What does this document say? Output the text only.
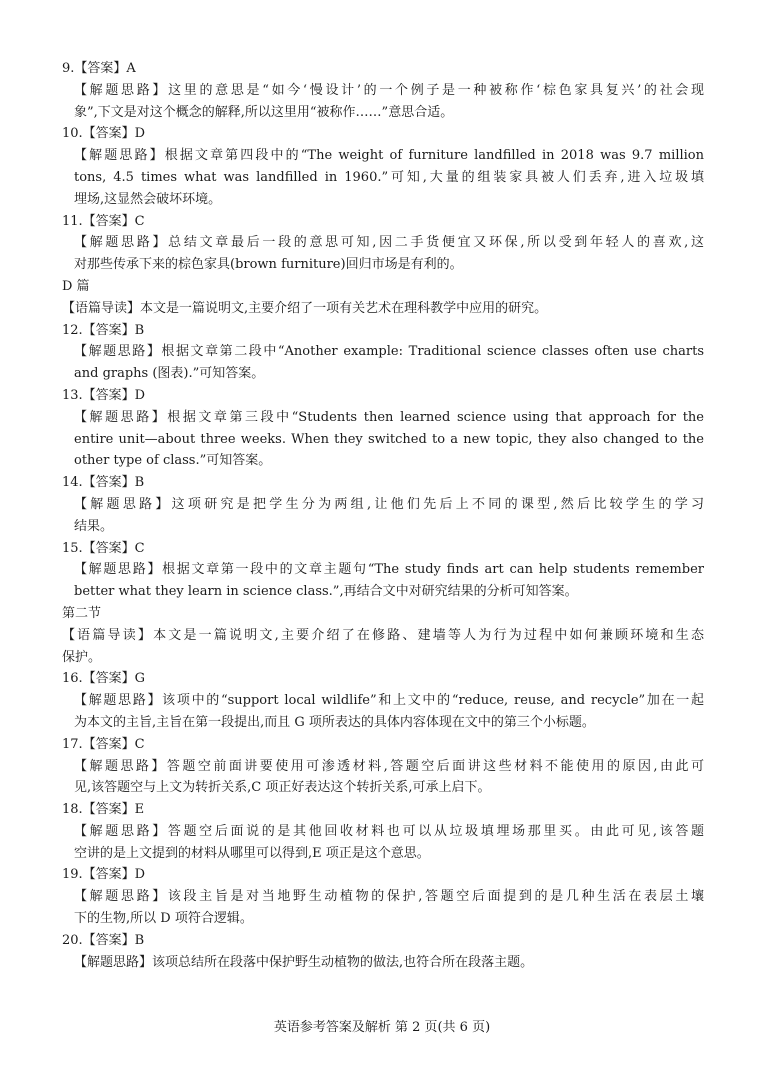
9.【答案】A
【解题思路】这里的意思是“如今‘慢设计’的一个例子是一种被称作‘棕色家具复兴’的社会现
象”,下文是对这个概念的解释,所以这里用“被称作……”意思合适。
10.【答案】D
【解题思路】根据文章第四段中的“The weight of furniture landfilled in 2018 was 9.7 million
tons, 4.5 times what was landfilled in 1960.”可知,大量的组装家具被人们丢弃,进入垃圾填
埋场,这显然会破坏环境。
11.【答案】C
【解题思路】总结文章最后一段的意思可知,因二手货便宜又环保,所以受到年轻人的喜欢,这
对那些传承下来的棕色家具(brown furniture)回归市场是有利的。
D 篇
【语篇导读】本文是一篇说明文,主要介绍了一项有关艺术在理科教学中应用的研究。
12.【答案】B
【解题思路】根据文章第二段中“Another example: Traditional science classes often use charts
and graphs (图表).”可知答案。
13.【答案】D
【解题思路】根据文章第三段中“Students then learned science using that approach for the
entire unit—about three weeks. When they switched to a new topic, they also changed to the
other type of class.”可知答案。
14.【答案】B
【解题思路】这项研究是把学生分为两组,让他们先后上不同的课型,然后比较学生的学习
结果。
15.【答案】C
【解题思路】根据文章第一段中的文章主题句“The study finds art can help students remember
better what they learn in science class.”,再结合文中对研究结果的分析可知答案。
第二节
【语篇导读】本文是一篇说明文,主要介绍了在修路、建墙等人为行为过程中如何兼顾环境和生态
保护。
16.【答案】G
【解题思路】该项中的“support local wildlife”和上文中的“reduce, reuse, and recycle”加在一起
为本文的主旨,主旨在第一段提出,而且 G 项所表达的具体内容体现在文中的第三个小标题。
17.【答案】C
【解题思路】答题空前面讲要使用可渗透材料,答题空后面讲这些材料不能使用的原因,由此可
见,该答题空与上文为转折关系,C 项正好表达这个转折关系,可承上启下。
18.【答案】E
【解题思路】答题空后面说的是其他回收材料也可以从垃圾填埋场那里买。由此可见,该答题
空讲的是上文提到的材料从哪里可以得到,E 项正是这个意思。
19.【答案】D
【解题思路】该段主旨是对当地野生动植物的保护,答题空后面提到的是几种生活在表层土壤
下的生物,所以 D 项符合逻辑。
20.【答案】B
【解题思路】该项总结所在段落中保护野生动植物的做法,也符合所在段落主题。
英语参考答案及解析 第 2 页(共 6 页)
